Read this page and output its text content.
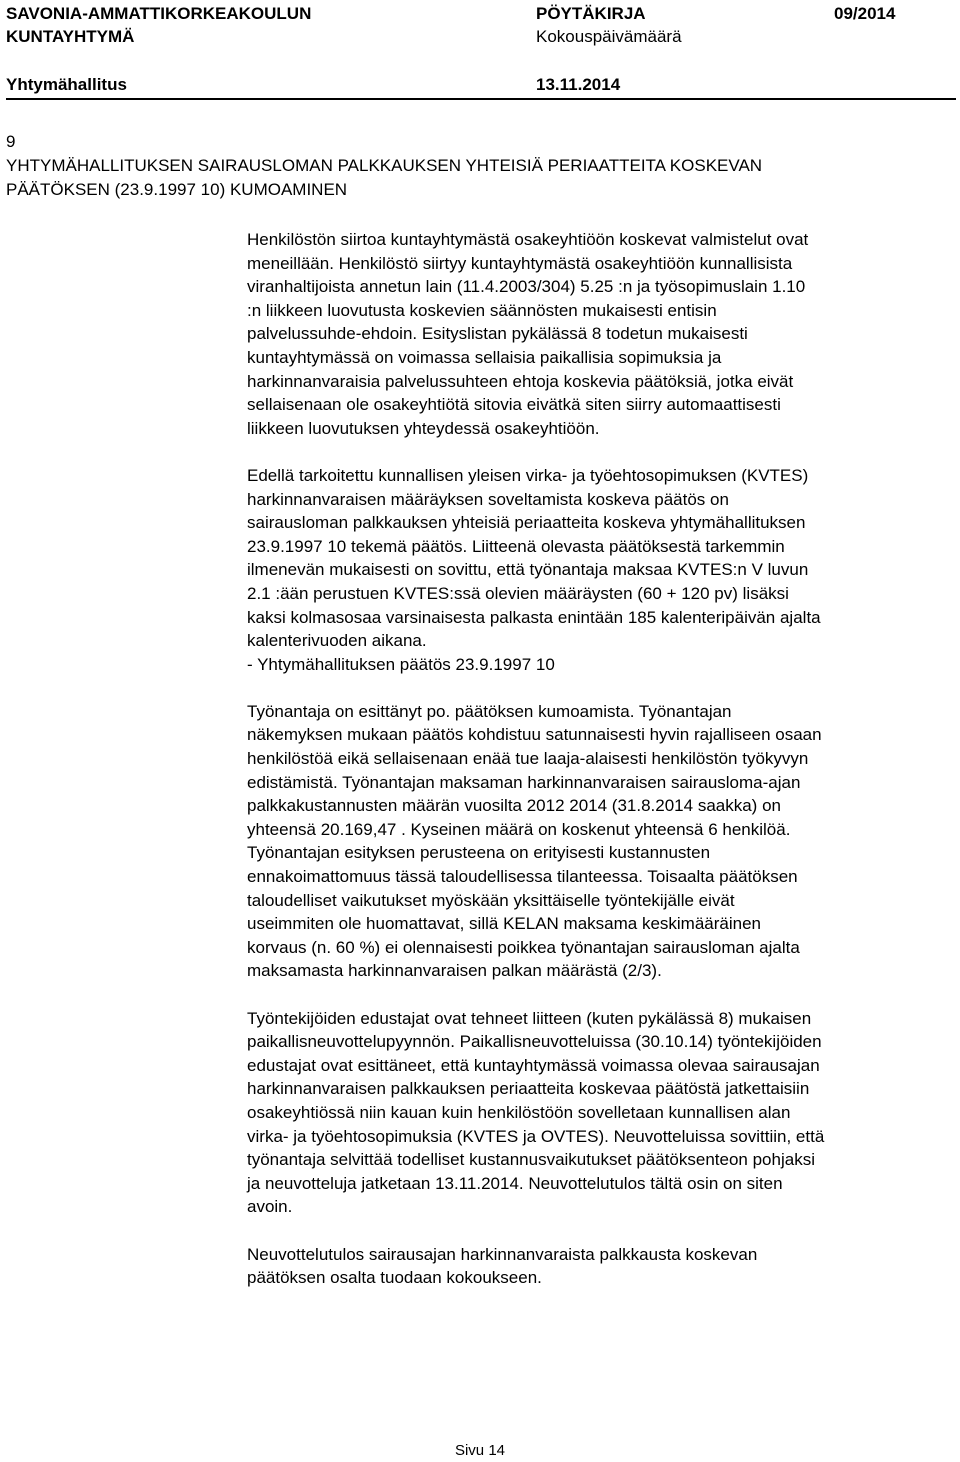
SAVONIA-AMMATTIKORKEAKOULUN	PÖYTÄKIRJA	09/2014
KUNTAYHTYMÄ	Kokouspäivämäärä
Yhtymähallitus	13.11.2014
9
YHTYMÄHALLITUKSEN SAIRAUSLOMAN PALKKAUKSEN YHTEISIÄ PERIAATTEITA KOSKEVAN
PÄÄTÖKSEN (23.9.1997 10) KUMOAMINEN

Henkilöstön siirtoa kuntayhtymästä osakeyhtiöön koskevat valmistelut ovat

meneillään. Henkilöstö siirtyy kuntayhtymästä osakeyhtiöön kunnallisista

viranhaltijoista annetun lain (11.4.2003/304) 5.25 :n ja työsopimuslain 1.10

:n liikkeen luovutusta koskevien säännösten mukaisesti entisin

palvelussuhde-ehdoin. Esityslistan pykälässä 8 todetun mukaisesti

kuntayhtymässä on voimassa sellaisia paikallisia sopimuksia ja

harkinnanvaraisia palvelussuhteen ehtoja koskevia päätöksiä, jotka eivät

sellaisenaan ole osakeyhtiötä sitovia eivätkä siten siirry automaattisesti

liikkeen luovutuksen yhteydessä osakeyhtiöön.

Edellä tarkoitettu kunnallisen yleisen virka- ja työehtosopimuksen (KVTES)

harkinnanvaraisen määräyksen soveltamista koskeva päätös on

sairausloman palkkauksen yhteisiä periaatteita koskeva yhtymähallituksen

23.9.1997 10 tekemä päätös. Liitteenä olevasta päätöksestä tarkemmin

ilmenevän mukaisesti on sovittu, että työnantaja maksaa KVTES:n V luvun

2.1 :ään perustuen KVTES:ssä olevien määräysten (60 + 120 pv) lisäksi

kaksi kolmasosaa varsinaisesta palkasta enintään 185 kalenteripäivän ajalta

kalenterivuoden aikana.

- Yhtymähallituksen päätös 23.9.1997 10

Työnantaja on esittänyt po. päätöksen kumoamista. Työnantajan

näkemyksen mukaan päätös kohdistuu satunnaisesti hyvin rajalliseen osaan

henkilöstöä eikä sellaisenaan enää tue laaja-alaisesti henkilöstön työkyvyn

edistämistä. Työnantajan maksaman harkinnanvaraisen sairausloma-ajan

palkkakustannusten määrän vuosilta 2012 2014 (31.8.2014 saakka) on

yhteensä 20.169,47 . Kyseinen määrä on koskenut yhteensä 6 henkilöä.

Työnantajan esityksen perusteena on erityisesti kustannusten

ennakoimattomuus tässä taloudellisessa tilanteessa. Toisaalta päätöksen

taloudelliset vaikutukset myöskään yksittäiselle työntekijälle eivät

useimmiten ole huomattavat, sillä KELAN maksama keskimääräinen

korvaus (n. 60 %) ei olennaisesti poikkea työnantajan sairausloman ajalta

maksamasta harkinnanvaraisen palkan määrästä (2/3).

Työntekijöiden edustajat ovat tehneet liitteen (kuten pykälässä 8) mukaisen

paikallisneuvottelupyynnön. Paikallisneuvotteluissa (30.10.14) työntekijöiden

edustajat ovat esittäneet, että kuntayhtymässä voimassa olevaa sairausajan

harkinnanvaraisen palkkauksen periaatteita koskevaa päätöstä jatkettaisiin

osakeyhtiössä niin kauan kuin henkilöstöön sovelletaan kunnallisen alan

virka- ja työehtosopimuksia (KVTES ja OVTES). Neuvotteluissa sovittiin, että

työnantaja selvittää todelliset kustannusvaikutukset päätöksenteon pohjaksi

ja neuvotteluja jatketaan 13.11.2014. Neuvottelutulos tältä osin on siten

avoin.

Neuvottelutulos sairausajan harkinnanvaraista palkkausta koskevan

päätöksen osalta tuodaan kokoukseen.

Sivu 14
